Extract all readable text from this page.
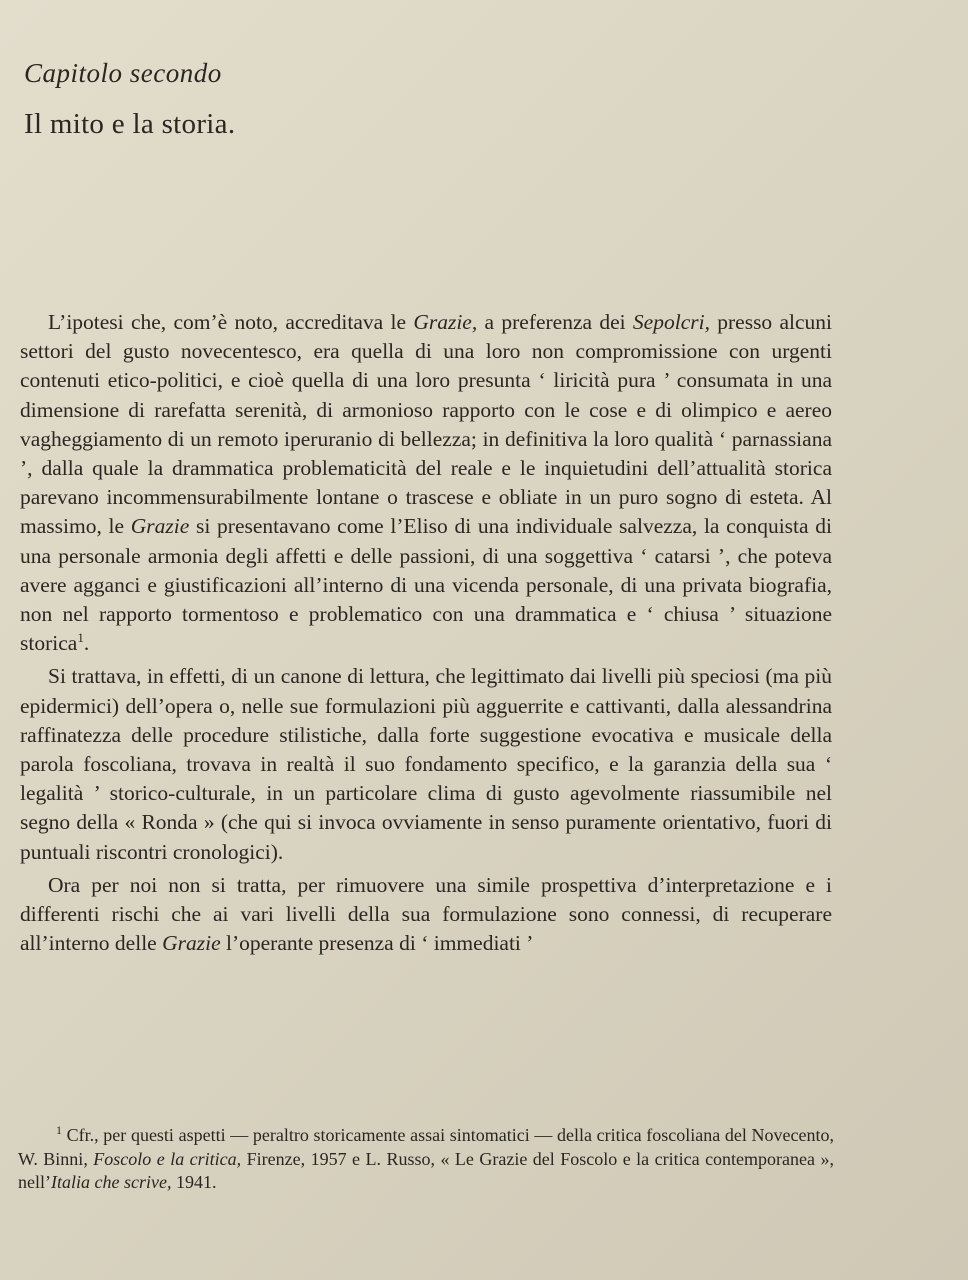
Capitolo secondo
Il mito e la storia.

L’ipotesi che, com’è noto, accreditava le Grazie, a preferenza dei Sepolcri, presso alcuni settori del gusto novecentesco, era quella di una loro non compromissione con urgenti contenuti etico-politici, e cioè quella di una loro presunta ‘ liricità pura ’ consumata in una dimensione di rarefatta serenità, di armonioso rapporto con le cose e di olimpico e aereo vagheggiamento di un remoto iperuranio di bellezza; in definitiva la loro qualità ‘ parnassiana ’, dalla quale la drammatica problematicità del reale e le inquietudini dell’attualità storica parevano incommensurabilmente lontane o trascese e obliate in un puro sogno di esteta. Al massimo, le Grazie si presentavano come l’Eliso di una individuale salvezza, la conquista di una personale armonia degli affetti e delle passioni, di una soggettiva ‘ catarsi ’, che poteva avere agganci e giustificazioni all’interno di una vicenda personale, di una privata biografia, non nel rapporto tormentoso e problematico con una drammatica e ‘ chiusa ’ situazione storica$^1$.

Si trattava, in effetti, di un canone di lettura, che legittimato dai livelli più speciosi (ma più epidermici) dell’opera o, nelle sue formulazioni più agguerrite e cattivanti, dalla alessandrina raffinatezza delle procedure stilistiche, dalla forte suggestione evocativa e musicale della parola foscoliana, trovava in realtà il suo fondamento specifico, e la garanzia della sua ‘ legalità ’ storico-culturale, in un particolare clima di gusto agevolmente riassumibile nel segno della « Ronda » (che qui si invoca ovviamente in senso puramente orientativo, fuori di puntuali riscontri cronologici).

Ora per noi non si tratta, per rimuovere una simile prospettiva d’interpretazione e i differenti rischi che ai vari livelli della sua formulazione sono connessi, di recuperare all’interno delle Grazie l’operante presenza di ‘ immediati ’

$^1$ Cfr., per questi aspetti — peraltro storicamente assai sintomatici — della critica foscoliana del Novecento, W. Binni, Foscolo e la critica, Firenze, 1957 e L. Russo, « Le Grazie del Foscolo e la critica contemporanea », nell’Italia che scrive, 1941.
